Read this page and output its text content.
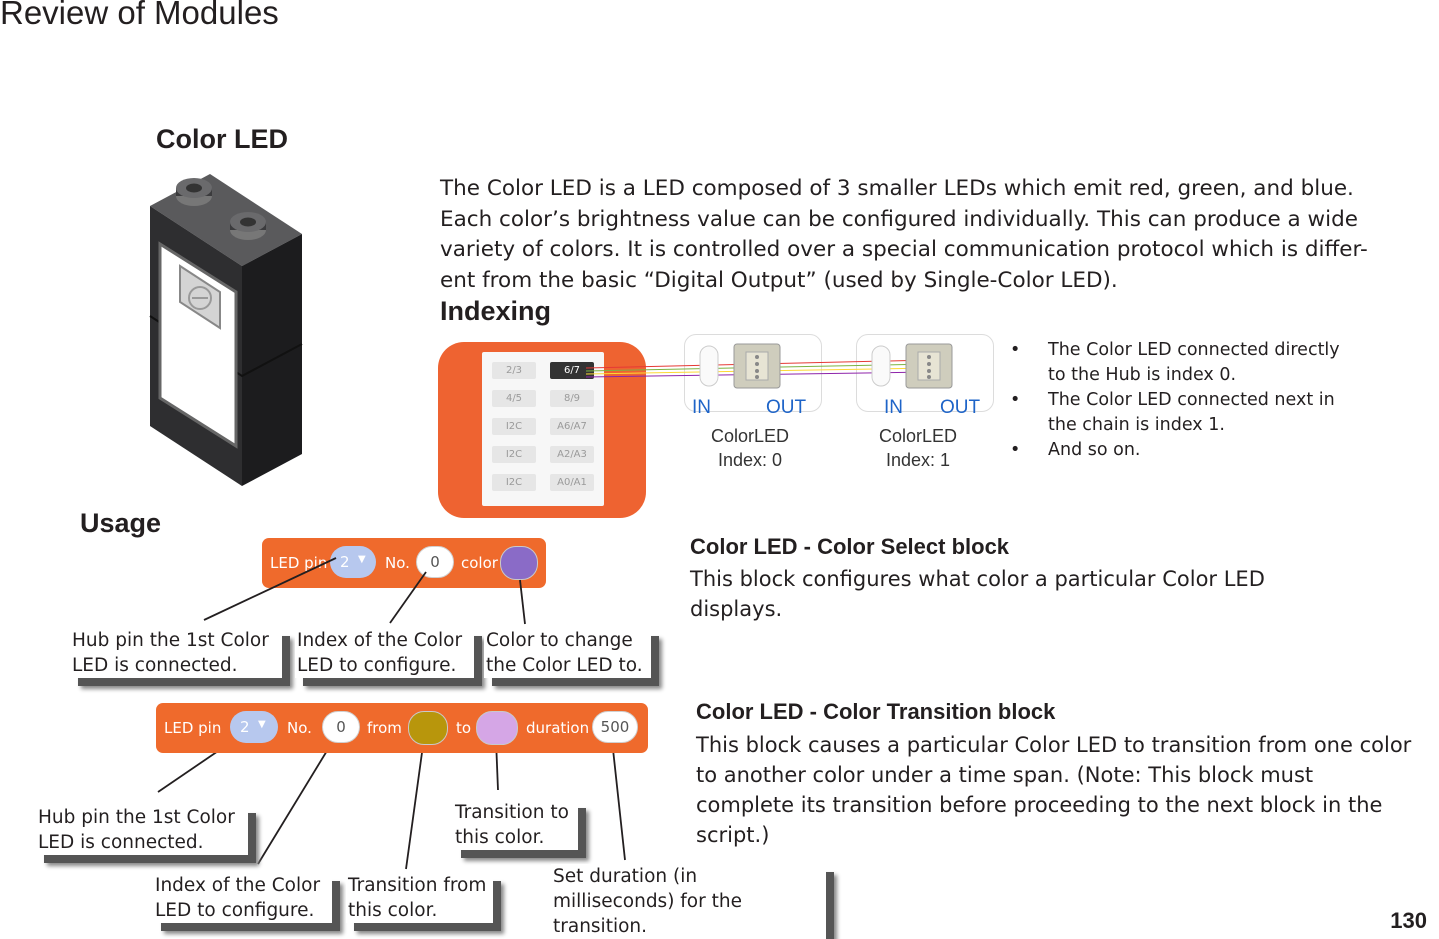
Review of Modules
Color LED
The Color LED is a LED composed of 3 smaller LEDs which emit red, green, and blue. Each color’s brightness value can be configured individually. This can produce a wide variety of colors. It is controlled over a special communication protocol which is differ-ent from the basic “Digital Output” (used by Single-Color LED).
Indexing
2/3
4/5
I2C
I2C
I2C
6/7
8/9
A6/A7
A2/A3
A0/A1
IN	OUT	IN OUT
ColorLED
Index: 0
ColorLED
Index: 1
• The Color LED connected directly to the Hub is index 0.
• The Color LED connected next in the chain is index 1.
• And so on.
Usage
LED pin 2 ▼ No.	0	color
Hub pin the 1st Color LED is connected.
Index of the Color LED to configure.
Color to change the Color LED to.
Color LED - Color Select block
This block configures what color a particular Color LED displays.
LED pin 2 ▼ No.	0	from	to	duration 500
Hub pin the 1st Color LED is connected.
Index of the Color LED to configure.
Transition from this color.
Transition to this color.
Set duration (in milliseconds) for the transition.
Color LED - Color Transition block
This block causes a particular Color LED to transition from one color to another color under a time span. (Note: This block must complete its transition before proceeding to the next block in the script.)
130
